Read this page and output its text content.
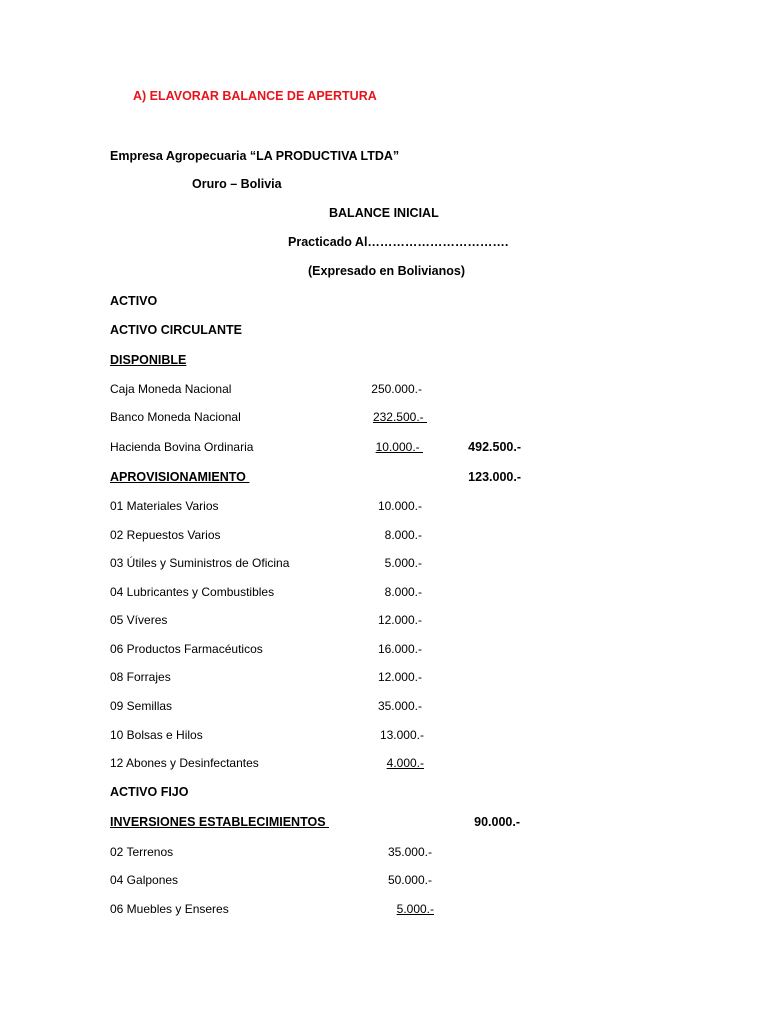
A) ELAVORAR BALANCE DE APERTURA
Empresa Agropecuaria “LA PRODUCTIVA LTDA”
Oruro – Bolivia
BALANCE INICIAL
Practicado Al…………………………….
(Expresado en Bolivianos)
ACTIVO
ACTIVO CIRCULANTE
DISPONIBLE
Caja Moneda Nacional	250.000.-
Banco Moneda Nacional	232.500.-
Hacienda Bovina Ordinaria	10.000.-	492.500.-
APROVISIONAMIENTO	123.000.-
01 Materiales Varios	10.000.-
02 Repuestos Varios	8.000.-
03 Útiles y Suministros de Oficina	5.000.-
04 Lubricantes y Combustibles	8.000.-
05 Víveres	12.000.-
06 Productos Farmacéuticos	16.000.-
08 Forrajes	12.000.-
09 Semillas	35.000.-
10 Bolsas e Hilos	13.000.-
12 Abones y Desinfectantes	4.000.-
ACTIVO FIJO
INVERSIONES ESTABLECIMIENTOS	90.000.-
02 Terrenos	35.000.-
04 Galpones	50.000.-
06 Muebles y Enseres	5.000.-
